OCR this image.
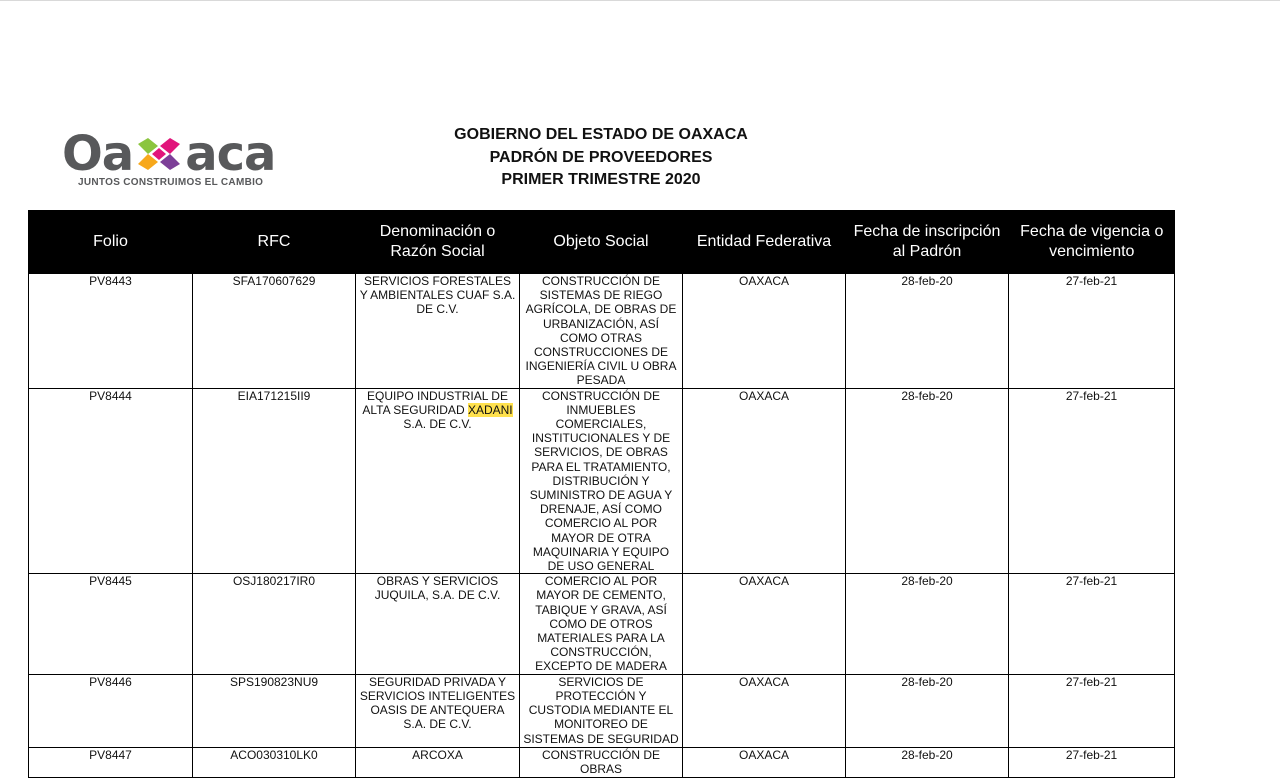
Oa aca
JUNTOS CONSTRUIMOS EL CAMBIO
GOBIERNO DEL ESTADO DE OAXACA
PADRÓN DE PROVEEDORES
PRIMER TRIMESTRE 2020
Folio	RFC	Denominación o Razón Social	Objeto Social	Entidad Federativa	Fecha de inscripción al Padrón	Fecha de vigencia o vencimiento
PV8443	SFA170607629	SERVICIOS FORESTALES Y AMBIENTALES CUAF S.A. DE C.V.	CONSTRUCCIÓN DE SISTEMAS DE RIEGO AGRÍCOLA, DE OBRAS DE URBANIZACIÓN, ASÍ COMO OTRAS CONSTRUCCIONES DE INGENIERÍA CIVIL U OBRA PESADA	OAXACA	28-feb-20	27-feb-21
PV8444	EIA171215II9	EQUIPO INDUSTRIAL DE ALTA SEGURIDAD XADANI S.A. DE C.V.	CONSTRUCCIÓN DE INMUEBLES COMERCIALES, INSTITUCIONALES Y DE SERVICIOS, DE OBRAS PARA EL TRATAMIENTO, DISTRIBUCIÓN Y SUMINISTRO DE AGUA Y DRENAJE, ASÍ COMO COMERCIO AL POR MAYOR DE OTRA MAQUINARIA Y EQUIPO DE USO GENERAL	OAXACA	28-feb-20	27-feb-21
PV8445	OSJ180217IR0	OBRAS Y SERVICIOS JUQUILA, S.A. DE C.V.	COMERCIO AL POR MAYOR DE CEMENTO, TABIQUE Y GRAVA, ASÍ COMO DE OTROS MATERIALES PARA LA CONSTRUCCIÓN, EXCEPTO DE MADERA	OAXACA	28-feb-20	27-feb-21
PV8446	SPS190823NU9	SEGURIDAD PRIVADA Y SERVICIOS INTELIGENTES OASIS DE ANTEQUERA S.A. DE C.V.	SERVICIOS DE PROTECCIÓN Y CUSTODIA MEDIANTE EL MONITOREO DE SISTEMAS DE SEGURIDAD	OAXACA	28-feb-20	27-feb-21
PV8447	ACO030310LK0	ARCOXA	CONSTRUCCIÓN DE OBRAS	OAXACA	28-feb-20	27-feb-21
